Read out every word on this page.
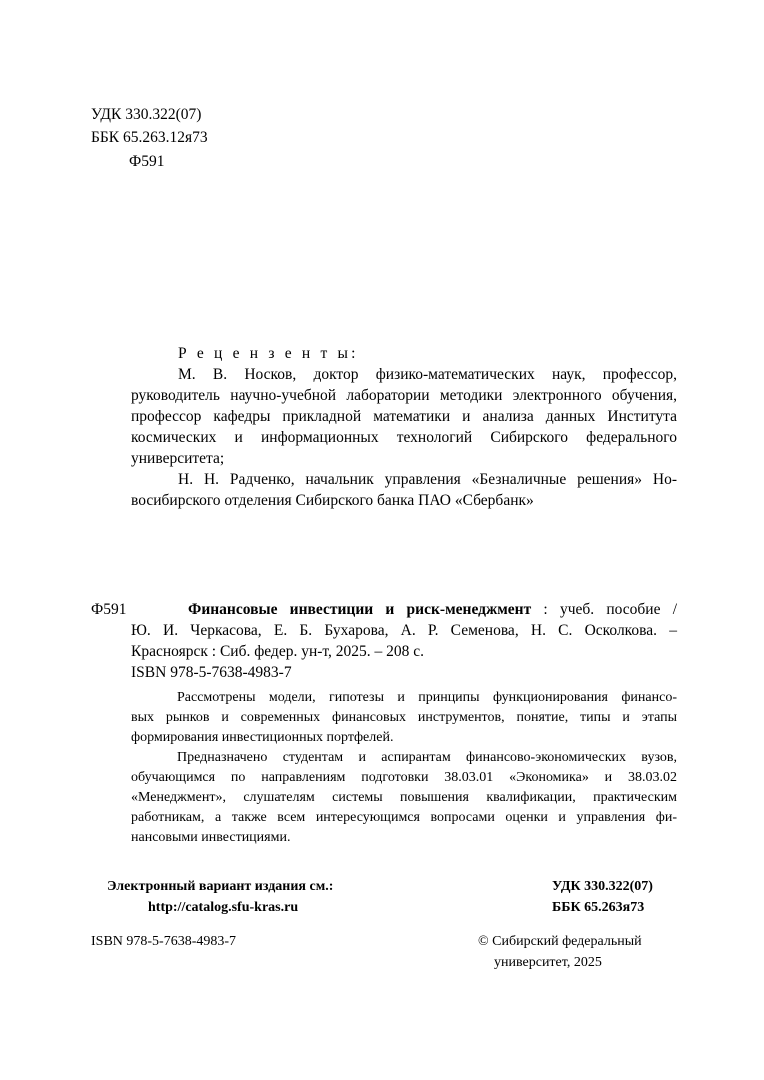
УДК 330.322(07)
ББК 65.263.12я73
Ф591
Р е ц е н з е н т ы:
М. В. Носков, доктор физико-математических наук, профессор,
руководитель научно-учебной лаборатории методики электронного обучения,
профессор кафедры прикладной математики и анализа данных Института
космических и информационных технологий Сибирского федерального
университета;
Н. Н. Радченко, начальник управления «Безналичные решения» Но-
восибирского отделения Сибирского банка ПАО «Сбербанк»
Ф591	Финансовые инвестиции и риск-менеджмент : учеб. пособие /
Ю. И. Черкасова, Е. Б. Бухарова, А. Р. Семенова, Н. С. Осколкова. –
Красноярск : Сиб. федер. ун-т, 2025. – 208 с.
ISBN 978-5-7638-4983-7
Рассмотрены модели, гипотезы и принципы функционирования финансо-
вых рынков и современных финансовых инструментов, понятие, типы и этапы
формирования инвестиционных портфелей.
Предназначено студентам и аспирантам финансово-экономических вузов,
обучающимся по направлениям подготовки 38.03.01 «Экономика» и 38.03.02
«Менеджмент», слушателям системы повышения квалификации, практическим
работникам, а также всем интересующимся вопросами оценки и управления фи-
нансовыми инвестициями.
Электронный вариант издания см.:
http://catalog.sfu-kras.ru
УДК 330.322(07)
ББК 65.263я73
ISBN 978-5-7638-4983-7	© Сибирский федеральный
университет, 2025
